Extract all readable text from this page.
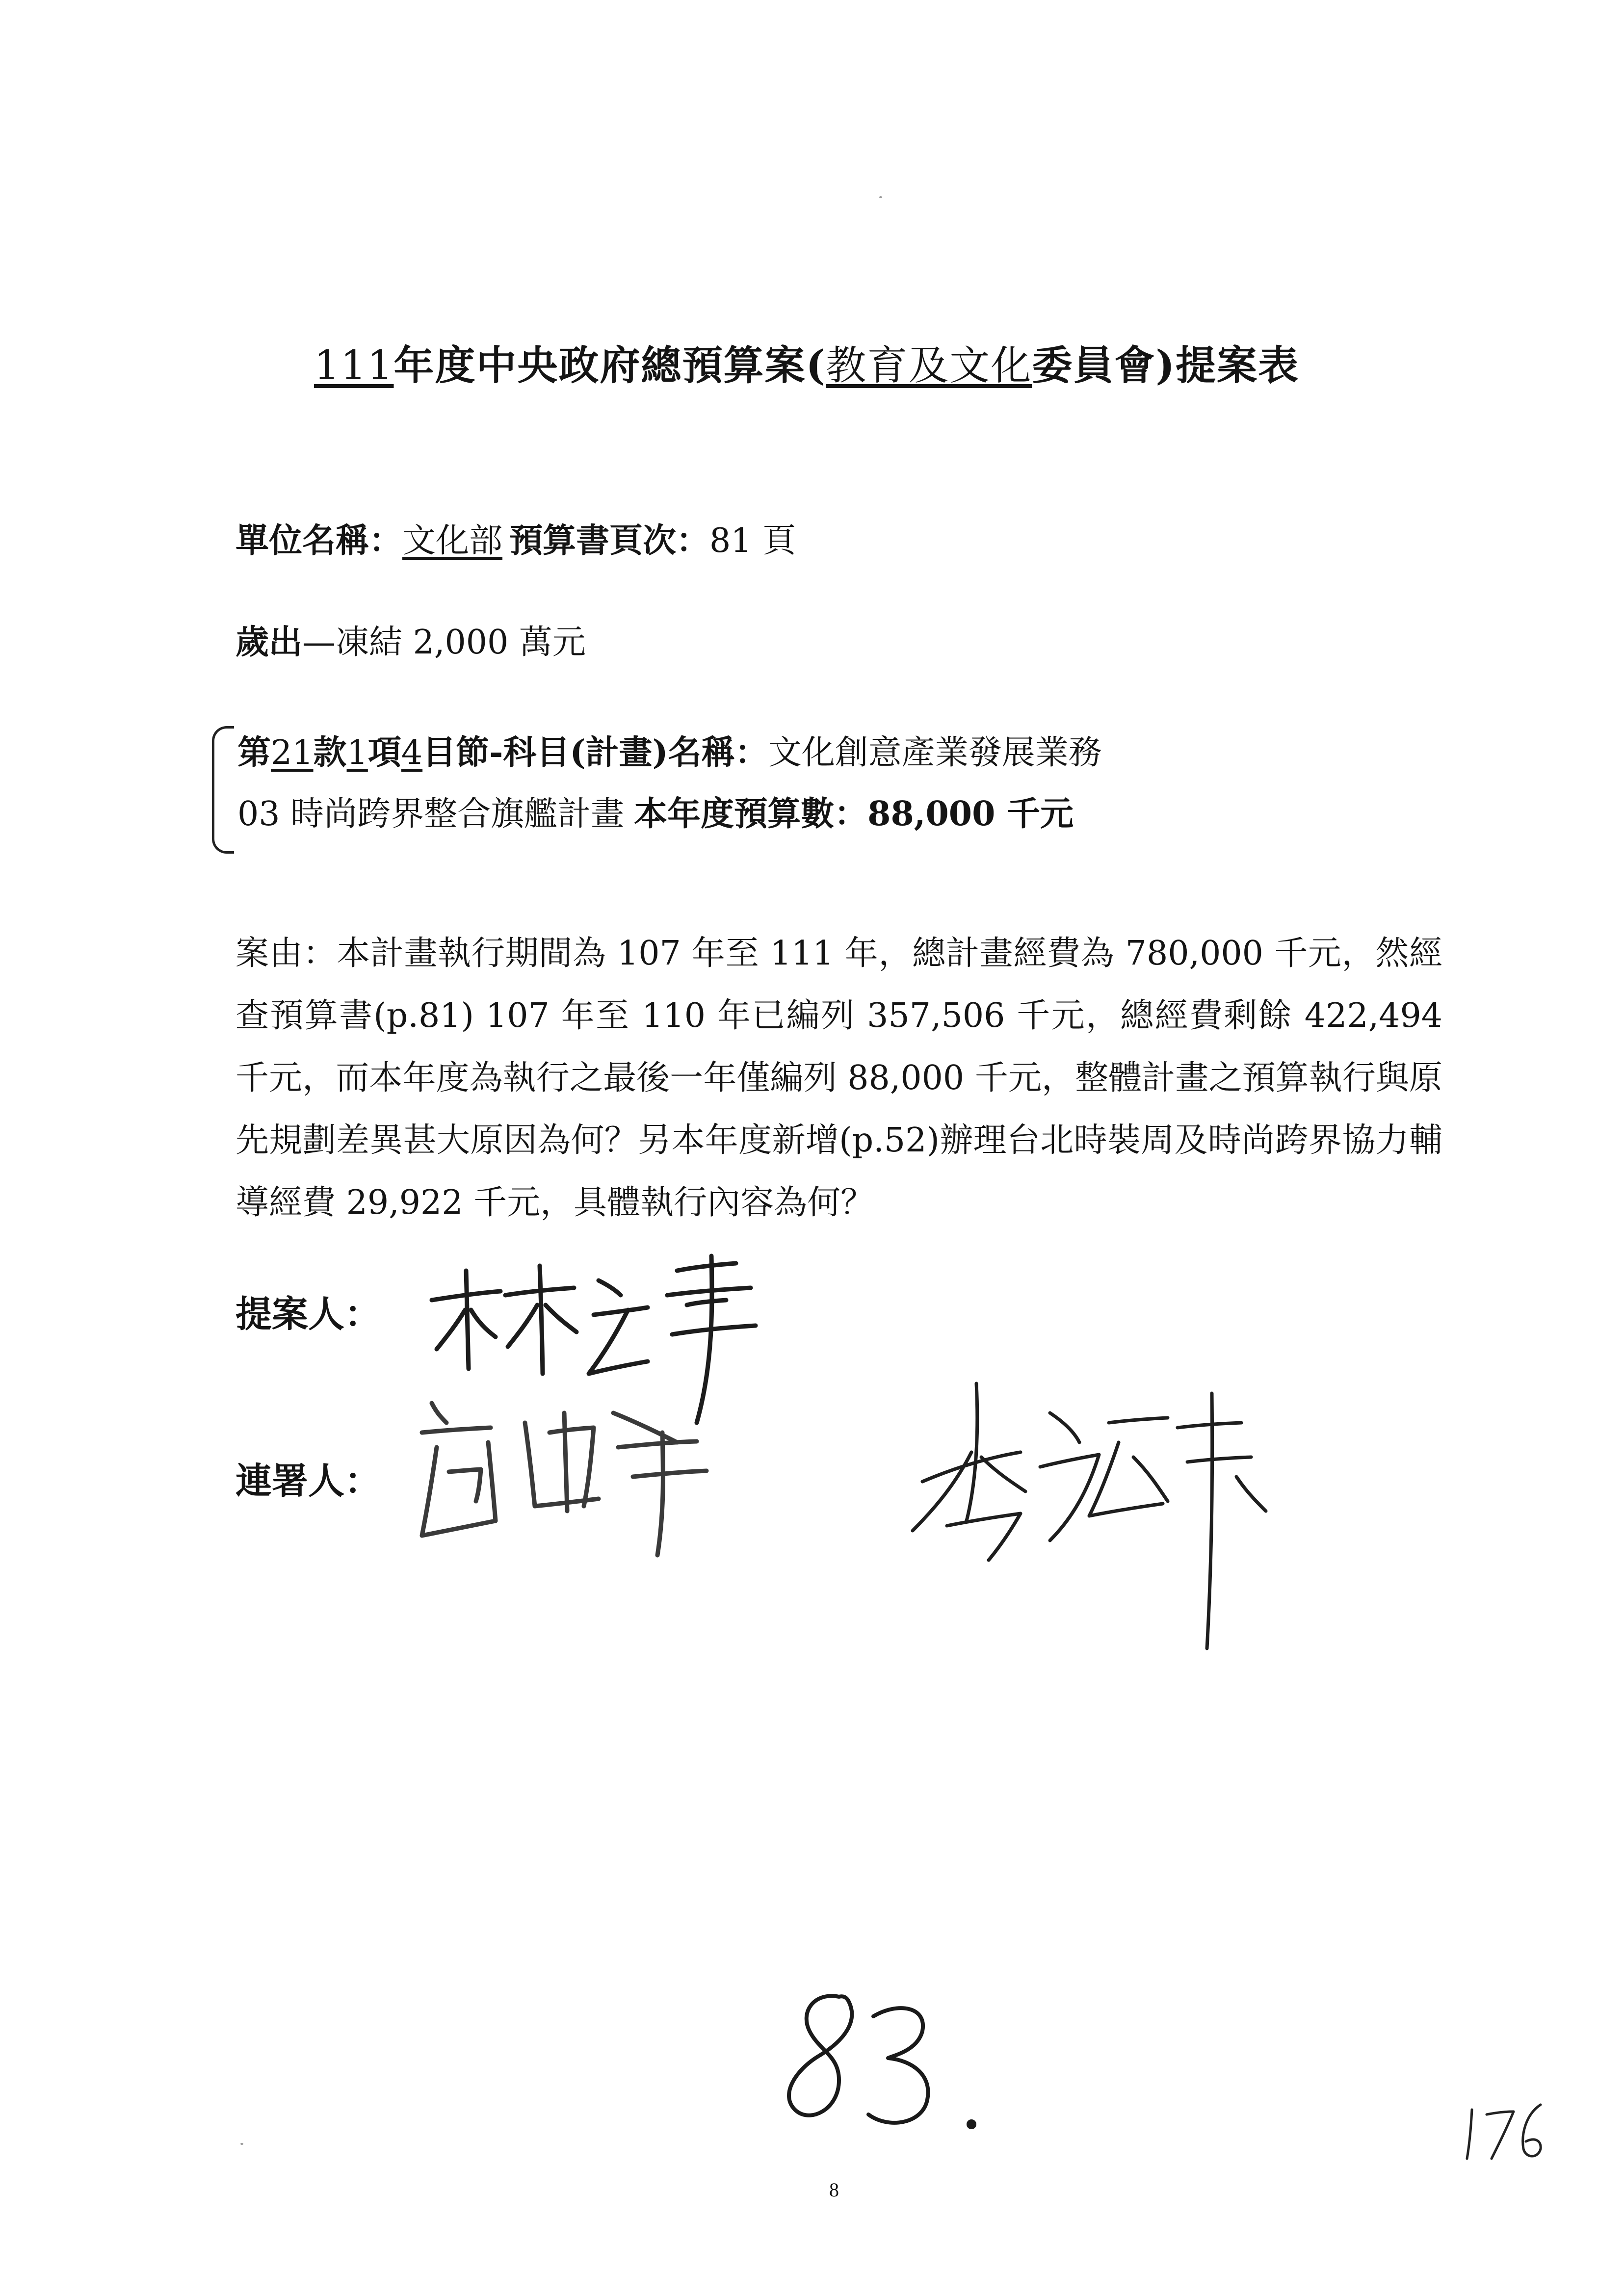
111年度中央政府總預算案(教育及文化委員會)提案表
單位名稱：文化部 預算書頁次：81 頁
歲出—凍結 2,000 萬元
第21款1項4目節-科目(計畫)名稱：文化創意產業發展業務
03 時尚跨界整合旗艦計畫 本年度預算數：88,000 千元
案由：本計畫執行期間為 107 年至 111 年，總計畫經費為 780,000 千元，然經查預算書(p.81) 107 年至 110 年已編列 357,506 千元，總經費剩餘 422,494 千元，而本年度為執行之最後一年僅編列 88,000 千元，整體計畫之預算執行與原先規劃差異甚大原因為何？另本年度新增(p.52)辦理台北時裝周及時尚跨界協力輔導經費 29,922 千元，具體執行內容為何？
提案人：
連署人：
8
